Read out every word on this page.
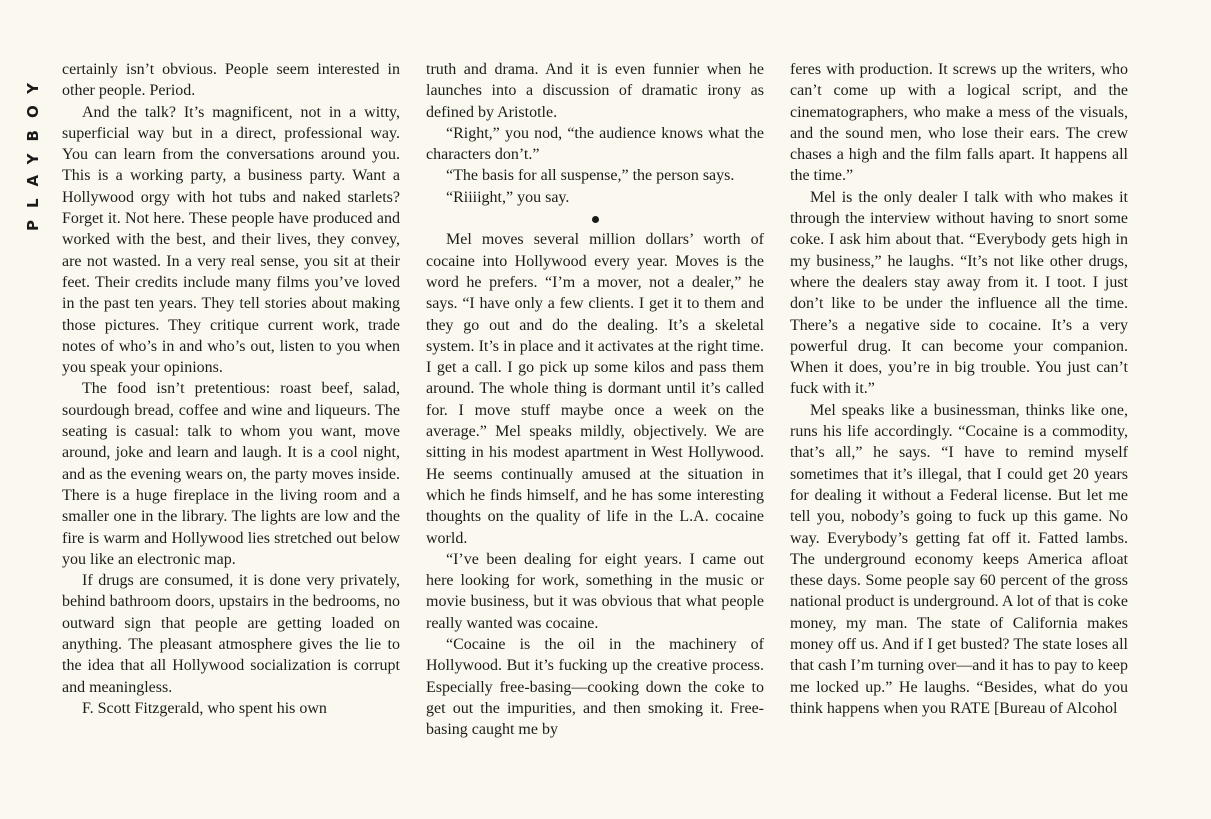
PLAYBOY

certainly isn’t obvious. People seem interested in other people. Period.

And the talk? It’s magnificent, not in a witty, superficial way but in a direct, professional way. You can learn from the conversations around you. This is a working party, a business party. Want a Hollywood orgy with hot tubs and naked starlets? Forget it. Not here. These people have produced and worked with the best, and their lives, they convey, are not wasted. In a very real sense, you sit at their feet. Their credits include many films you’ve loved in the past ten years. They tell stories about making those pictures. They critique current work, trade notes of who’s in and who’s out, listen to you when you speak your opinions.

The food isn’t pretentious: roast beef, salad, sourdough bread, coffee and wine and liqueurs. The seating is casual: talk to whom you want, move around, joke and learn and laugh. It is a cool night, and as the evening wears on, the party moves inside. There is a huge fireplace in the living room and a smaller one in the library. The lights are low and the fire is warm and Hollywood lies stretched out below you like an electronic map.

If drugs are consumed, it is done very privately, behind bathroom doors, upstairs in the bedrooms, no outward sign that people are getting loaded on anything. The pleasant atmosphere gives the lie to the idea that all Hollywood socialization is corrupt and meaningless.

F. Scott Fitzgerald, who spent his own

truth and drama. And it is even funnier when he launches into a discussion of dramatic irony as defined by Aristotle.

“Right,” you nod, “the audience knows what the characters don’t.”

“The basis for all suspense,” the person says.

“Riiiight,” you say.

Mel moves several million dollars’ worth of cocaine into Hollywood every year. Moves is the word he prefers. “I’m a mover, not a dealer,” he says. “I have only a few clients. I get it to them and they go out and do the dealing. It’s a skeletal system. It’s in place and it activates at the right time. I get a call. I go pick up some kilos and pass them around. The whole thing is dormant until it’s called for. I move stuff maybe once a week on the average.” Mel speaks mildly, objectively. We are sitting in his modest apartment in West Hollywood. He seems continually amused at the situation in which he finds himself, and he has some interesting thoughts on the quality of life in the L.A. cocaine world.

“I’ve been dealing for eight years. I came out here looking for work, something in the music or movie business, but it was obvious that what people really wanted was cocaine.

“Cocaine is the oil in the machinery of Hollywood. But it’s fucking up the creative process. Especially free-basing—cooking down the coke to get out the impurities, and then smoking it. Free-basing caught me by

feres with production. It screws up the writers, who can’t come up with a logical script, and the cinematographers, who make a mess of the visuals, and the sound men, who lose their ears. The crew chases a high and the film falls apart. It happens all the time.”

Mel is the only dealer I talk with who makes it through the interview without having to snort some coke. I ask him about that. “Everybody gets high in my business,” he laughs. “It’s not like other drugs, where the dealers stay away from it. I toot. I just don’t like to be under the influence all the time. There’s a negative side to cocaine. It’s a very powerful drug. It can become your companion. When it does, you’re in big trouble. You just can’t fuck with it.”

Mel speaks like a businessman, thinks like one, runs his life accordingly. “Cocaine is a commodity, that’s all,” he says. “I have to remind myself sometimes that it’s illegal, that I could get 20 years for dealing it without a Federal license. But let me tell you, nobody’s going to fuck up this game. No way. Everybody’s getting fat off it. Fatted lambs. The underground economy keeps America afloat these days. Some people say 60 percent of the gross national product is underground. A lot of that is coke money, my man. The state of California makes money off us. And if I get busted? The state loses all that cash I’m turning over—and it has to pay to keep me locked up.” He laughs. “Besides, what do you think happens when you RATE [Bureau of Alcohol
